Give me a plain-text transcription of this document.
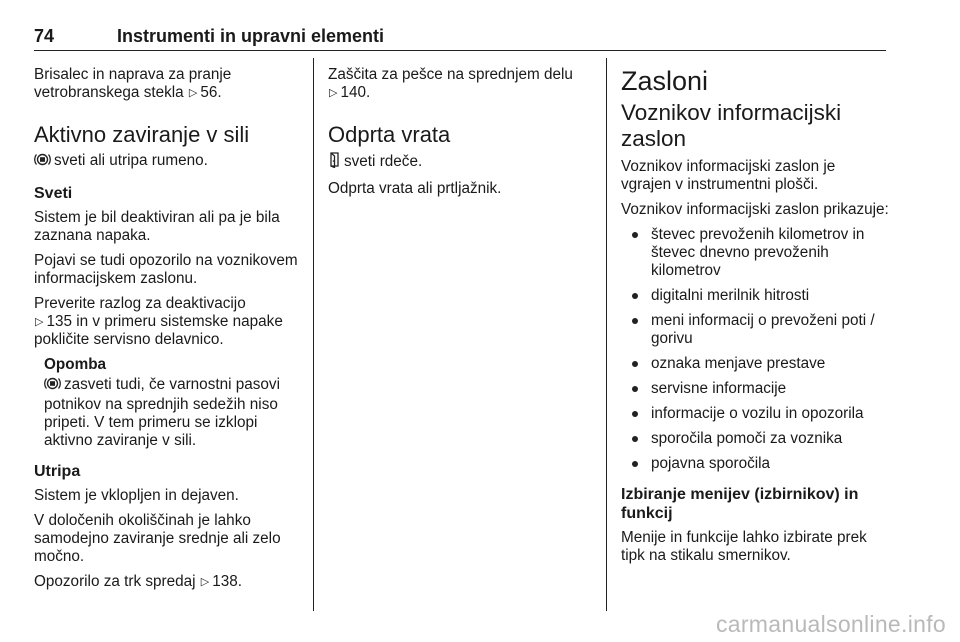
74	Instrumenti in upravni elementi

Brisalec in naprava za pranje vetrobranskega stekla ▷ 56.

Aktivno zaviranje v sili

sveti ali utripa rumeno.

Sveti

Sistem je bil deaktiviran ali pa je bila zaznana napaka.

Pojavi se tudi opozorilo na voznikovem informacijskem zaslonu.

Preverite razlog za deaktivacijo
▷ 135 in v primeru sistemske napake pokličite servisno delavnico.

Opomba

zasveti tudi, če varnostni pasovi potnikov na sprednjih sedežih niso pripeti. V tem primeru se izklopi aktivno zaviranje v sili.

Utripa

Sistem je vklopljen in dejaven.

V določenih okoliščinah je lahko samodejno zaviranje srednje ali zelo močno.

Opozorilo za trk spredaj ▷ 138.

Zaščita za pešce na sprednjem delu
▷ 140.

Odprta vrata

sveti rdeče.

Odprta vrata ali prtljažnik.

Zasloni
Voznikov informacijski zaslon

Voznikov informacijski zaslon je vgrajen v instrumentni plošči.

Voznikov informacijski zaslon prikazuje:

števec prevoženih kilometrov in števec dnevno prevoženih kilometrov
digitalni merilnik hitrosti
meni informacij o prevoženi poti / gorivu
oznaka menjave prestave
servisne informacije
informacije o vozilu in opozorila
sporočila pomoči za voznika
pojavna sporočila
Izbiranje menijev (izbirnikov) in funkcij

Menije in funkcije lahko izbirate prek tipk na stikalu smernikov.

carmanualsonline.info
